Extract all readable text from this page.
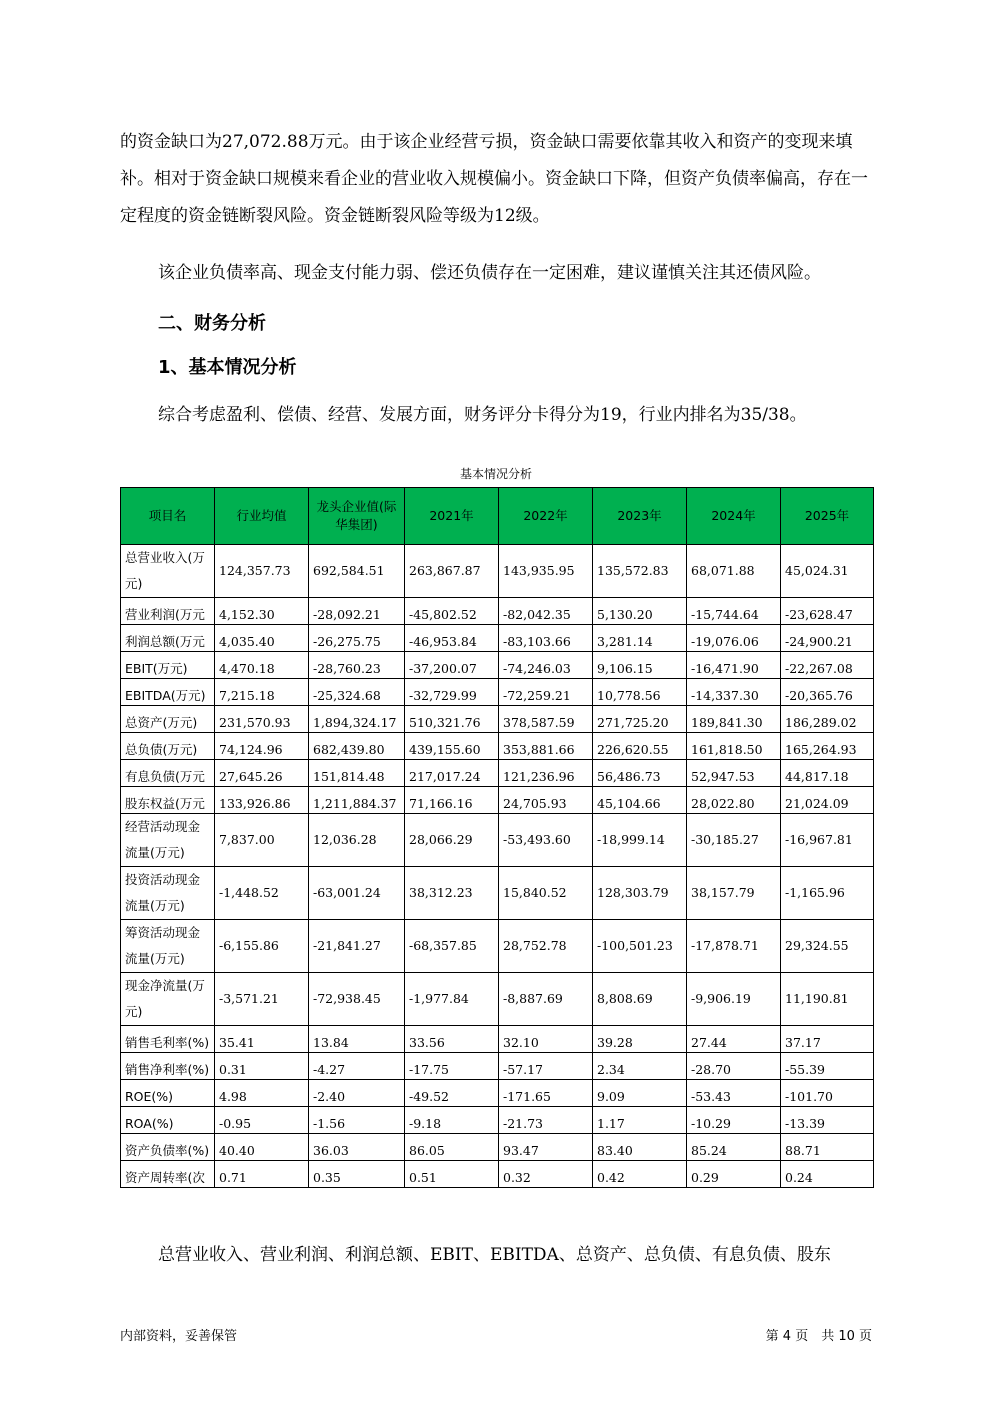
的资金缺口为27,072.88万元。由于该企业经营亏损，资金缺口需要依靠其收入和资产的变现来填补。相对于资金缺口规模来看企业的营业收入规模偏小。资金缺口下降，但资产负债率偏高，存在一定程度的资金链断裂风险。资金链断裂风险等级为12级。
该企业负债率高、现金支付能力弱、偿还负债存在一定困难，建议谨慎关注其还债风险。
二、财务分析
1、基本情况分析
综合考虑盈利、偿债、经营、发展方面，财务评分卡得分为19，行业内排名为35/38。
基本情况分析
项目名	行业均值	龙头企业值(际华集团)	2021年	2022年	2023年	2024年	2025年
总营业收入(万元)	124,357.73	692,584.51	263,867.87	143,935.95	135,572.83	68,071.88	45,024.31
营业利润(万元	4,152.30	-28,092.21	-45,802.52	-82,042.35	5,130.20	-15,744.64	-23,628.47
利润总额(万元	4,035.40	-26,275.75	-46,953.84	-83,103.66	3,281.14	-19,076.06	-24,900.21
EBIT(万元)	4,470.18	-28,760.23	-37,200.07	-74,246.03	9,106.15	-16,471.90	-22,267.08
EBITDA(万元)	7,215.18	-25,324.68	-32,729.99	-72,259.21	10,778.56	-14,337.30	-20,365.76
总资产(万元)	231,570.93	1,894,324.17	510,321.76	378,587.59	271,725.20	189,841.30	186,289.02
总负债(万元)	74,124.96	682,439.80	439,155.60	353,881.66	226,620.55	161,818.50	165,264.93
有息负债(万元	27,645.26	151,814.48	217,017.24	121,236.96	56,486.73	52,947.53	44,817.18
股东权益(万元	133,926.86	1,211,884.37	71,166.16	24,705.93	45,104.66	28,022.80	21,024.09
经营活动现金流量(万元)	7,837.00	12,036.28	28,066.29	-53,493.60	-18,999.14	-30,185.27	-16,967.81
投资活动现金流量(万元)	-1,448.52	-63,001.24	38,312.23	15,840.52	128,303.79	38,157.79	-1,165.96
筹资活动现金流量(万元)	-6,155.86	-21,841.27	-68,357.85	28,752.78	-100,501.23	-17,878.71	29,324.55
现金净流量(万元)	-3,571.21	-72,938.45	-1,977.84	-8,887.69	8,808.69	-9,906.19	11,190.81
销售毛利率(%)	35.41	13.84	33.56	32.10	39.28	27.44	37.17
销售净利率(%)	0.31	-4.27	-17.75	-57.17	2.34	-28.70	-55.39
ROE(%)	4.98	-2.40	-49.52	-171.65	9.09	-53.43	-101.70
ROA(%)	-0.95	-1.56	-9.18	-21.73	1.17	-10.29	-13.39
资产负债率(%)	40.40	36.03	86.05	93.47	83.40	85.24	88.71
资产周转率(次	0.71	0.35	0.51	0.32	0.42	0.29	0.24
总营业收入、营业利润、利润总额、EBIT、EBITDA、总资产、总负债、有息负债、股东
内部资料，妥善保管	第 4 页　共 10 页
